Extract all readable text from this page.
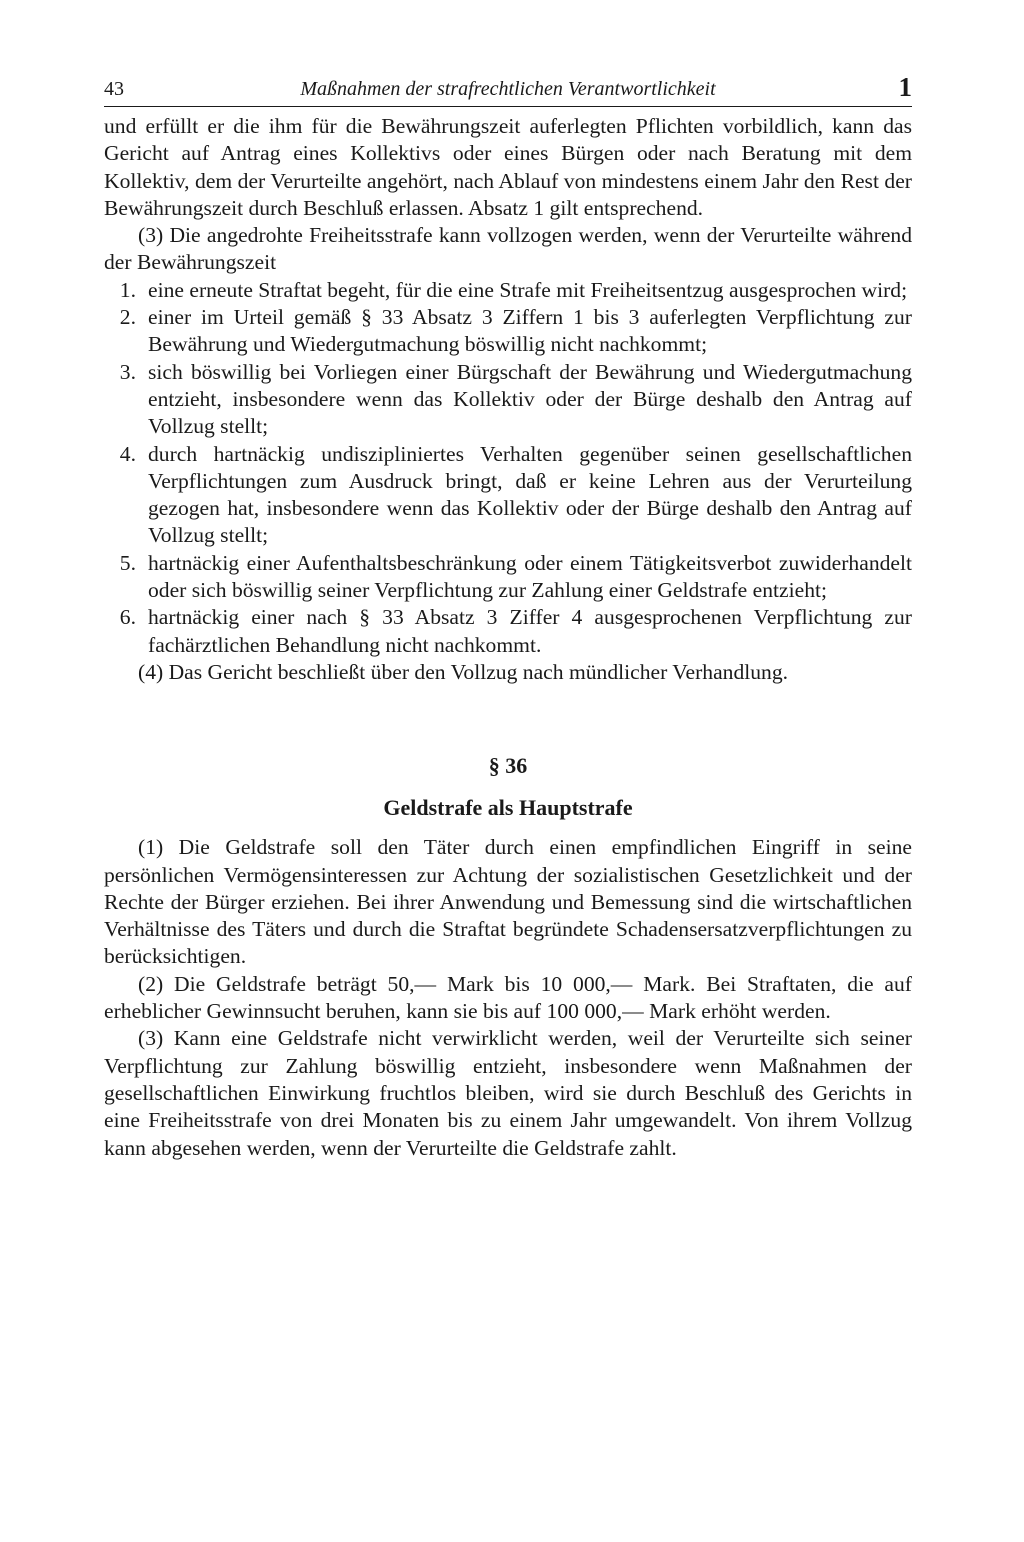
43	Maßnahmen der strafrechtlichen Verantwortlichkeit	1

und erfüllt er die ihm für die Bewährungszeit auferlegten Pflichten vorbildlich, kann das Gericht auf Antrag eines Kollektivs oder eines Bürgen oder nach Beratung mit dem Kollektiv, dem der Verurteilte angehört, nach Ablauf von mindestens einem Jahr den Rest der Bewährungszeit durch Beschluß erlassen. Absatz 1 gilt entsprechend.

(3) Die angedrohte Freiheitsstrafe kann vollzogen werden, wenn der Verurteilte während der Bewährungszeit

1. eine erneute Straftat begeht, für die eine Strafe mit Freiheitsentzug ausgesprochen wird;
2. einer im Urteil gemäß § 33 Absatz 3 Ziffern 1 bis 3 auferlegten Verpflichtung zur Bewährung und Wiedergutmachung böswillig nicht nachkommt;
3. sich böswillig bei Vorliegen einer Bürgschaft der Bewährung und Wiedergutmachung entzieht, insbesondere wenn das Kollektiv oder der Bürge deshalb den Antrag auf Vollzug stellt;
4. durch hartnäckig undiszipliniertes Verhalten gegenüber seinen gesellschaftlichen Verpflichtungen zum Ausdruck bringt, daß er keine Lehren aus der Verurteilung gezogen hat, insbesondere wenn das Kollektiv oder der Bürge deshalb den Antrag auf Vollzug stellt;
5. hartnäckig einer Aufenthaltsbeschränkung oder einem Tätigkeitsverbot zuwiderhandelt oder sich böswillig seiner Verpflichtung zur Zahlung einer Geldstrafe entzieht;
6. hartnäckig einer nach § 33 Absatz 3 Ziffer 4 ausgesprochenen Verpflichtung zur fachärztlichen Behandlung nicht nachkommt.

(4) Das Gericht beschließt über den Vollzug nach mündlicher Verhandlung.

§ 36
Geldstrafe als Hauptstrafe

(1) Die Geldstrafe soll den Täter durch einen empfindlichen Eingriff in seine persönlichen Vermögensinteressen zur Achtung der sozialistischen Gesetzlichkeit und der Rechte der Bürger erziehen. Bei ihrer Anwendung und Bemessung sind die wirtschaftlichen Verhältnisse des Täters und durch die Straftat begründete Schadensersatzverpflichtungen zu berücksichtigen.

(2) Die Geldstrafe beträgt 50,— Mark bis 10 000,— Mark. Bei Straftaten, die auf erheblicher Gewinnsucht beruhen, kann sie bis auf 100 000,— Mark erhöht werden.

(3) Kann eine Geldstrafe nicht verwirklicht werden, weil der Verurteilte sich seiner Verpflichtung zur Zahlung böswillig entzieht, insbesondere wenn Maßnahmen der gesellschaftlichen Einwirkung fruchtlos bleiben, wird sie durch Beschluß des Gerichts in eine Freiheitsstrafe von drei Monaten bis zu einem Jahr umgewandelt. Von ihrem Vollzug kann abgesehen werden, wenn der Verurteilte die Geldstrafe zahlt.
